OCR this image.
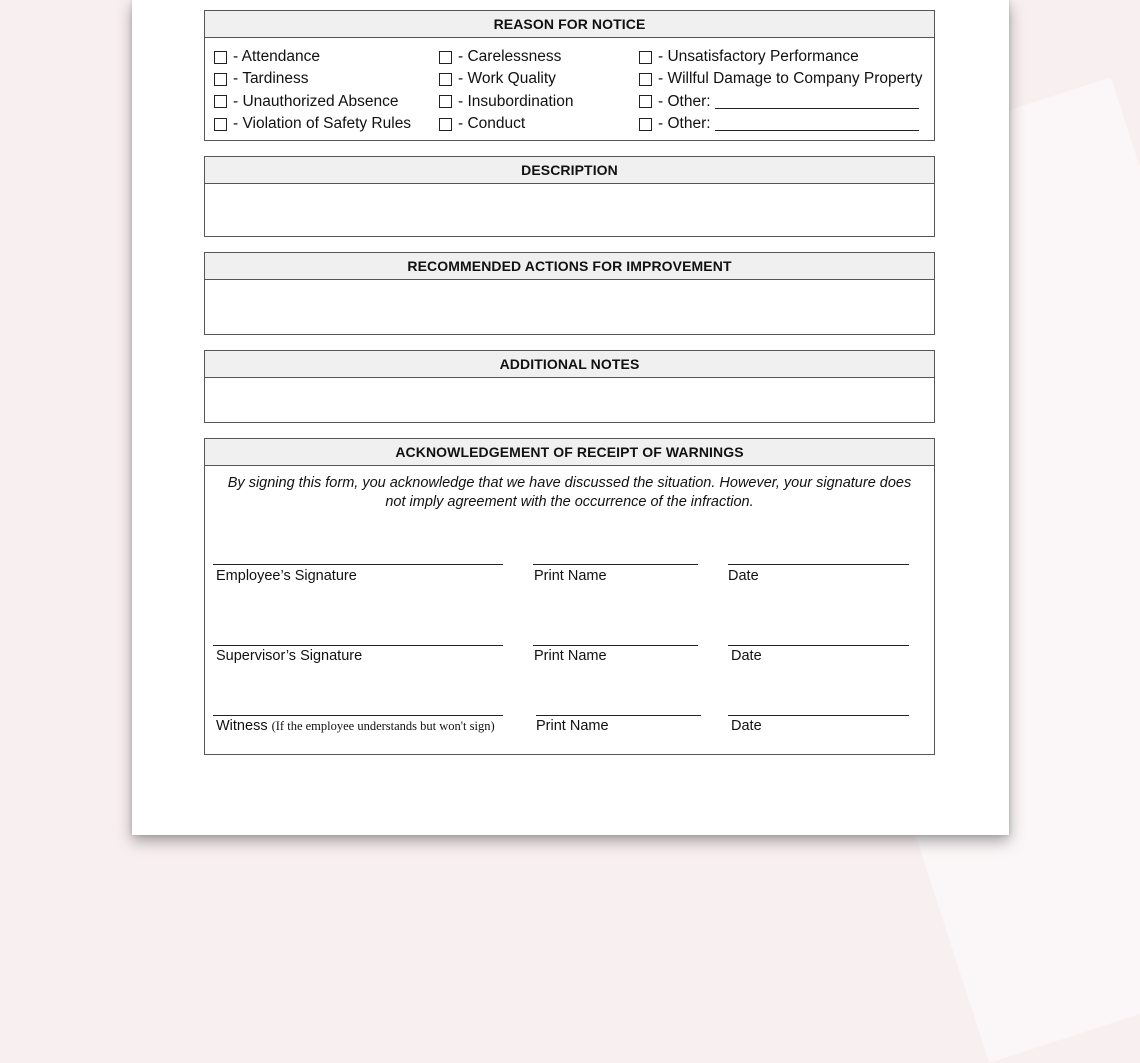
REASON FOR NOTICE
- Attendance
- Tardiness
- Unauthorized Absence
- Violation of Safety Rules
- Carelessness
- Work Quality
- Insubordination
- Conduct
- Unsatisfactory Performance
- Willful Damage to Company Property
- Other:
- Other:
DESCRIPTION
RECOMMENDED ACTIONS FOR IMPROVEMENT
ADDITIONAL NOTES
ACKNOWLEDGEMENT OF RECEIPT OF WARNINGS
By signing this form, you acknowledge that we have discussed the situation. However, your signature does not imply agreement with the occurrence of the infraction.
Employee’s Signature	Print Name	Date
Supervisor’s Signature	Print Name	Date
Witness (If the employee understands but won't sign)	Print Name	Date
